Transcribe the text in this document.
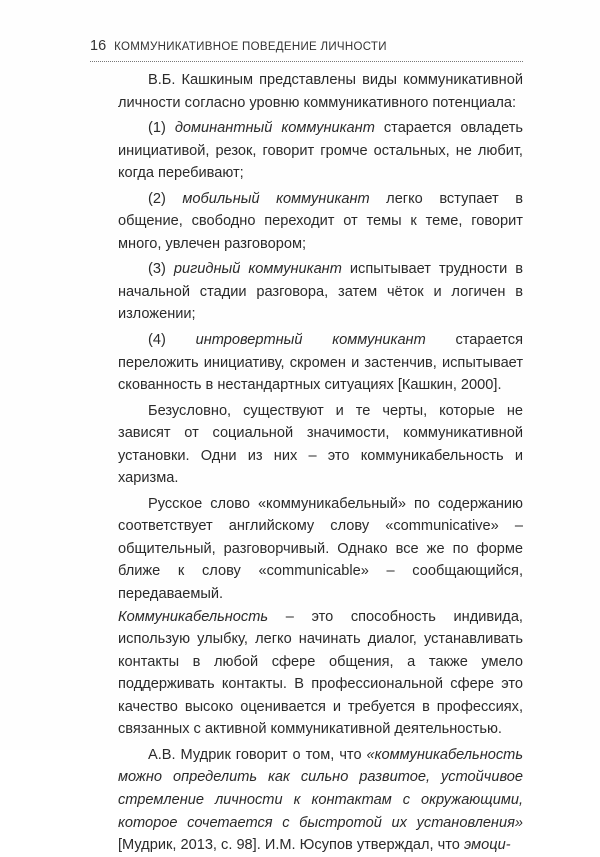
16 КОММУНИКАТИВНОЕ ПОВЕДЕНИЕ ЛИЧНОСТИ

В.Б. Кашкиным представлены виды коммуникативной личности согласно уровню коммуникативного потенциала:

(1) доминантный коммуникант старается овладеть инициативой, резок, говорит громче остальных, не любит, когда перебивают;

(2) мобильный коммуникант легко вступает в общение, свободно переходит от темы к теме, говорит много, увлечен разговором;

(3) ригидный коммуникант испытывает трудности в начальной стадии разговора, затем чёток и логичен в изложении;

(4) интровертный коммуникант старается переложить инициативу, скромен и застенчив, испытывает скованность в нестандартных ситуациях [Кашкин, 2000].

Безусловно, существуют и те черты, которые не зависят от социальной значимости, коммуникативной установки. Одни из них – это коммуникабельность и харизма.

Русское слово «коммуникабельный» по содержанию соответствует английскому слову «communicative» – общительный, разговорчивый. Однако все же по форме ближе к слову «communicable» – сообщающийся, передаваемый.

Коммуникабельность – это способность индивида, использую улыбку, легко начинать диалог, устанавливать контакты в любой сфере общения, а также умело поддерживать контакты. В профессиональной сфере это качество высоко оценивается и требуется в профессиях, связанных с активной коммуникативной деятельностью.

А.В. Мудрик говорит о том, что «коммуникабельность можно определить как сильно развитое, устойчивое стремление личности к контактам с окружающими, которое сочетается с быстротой их установления» [Мудрик, 2013, с. 98]. И.М. Юсупов утверждал, что эмоци-
